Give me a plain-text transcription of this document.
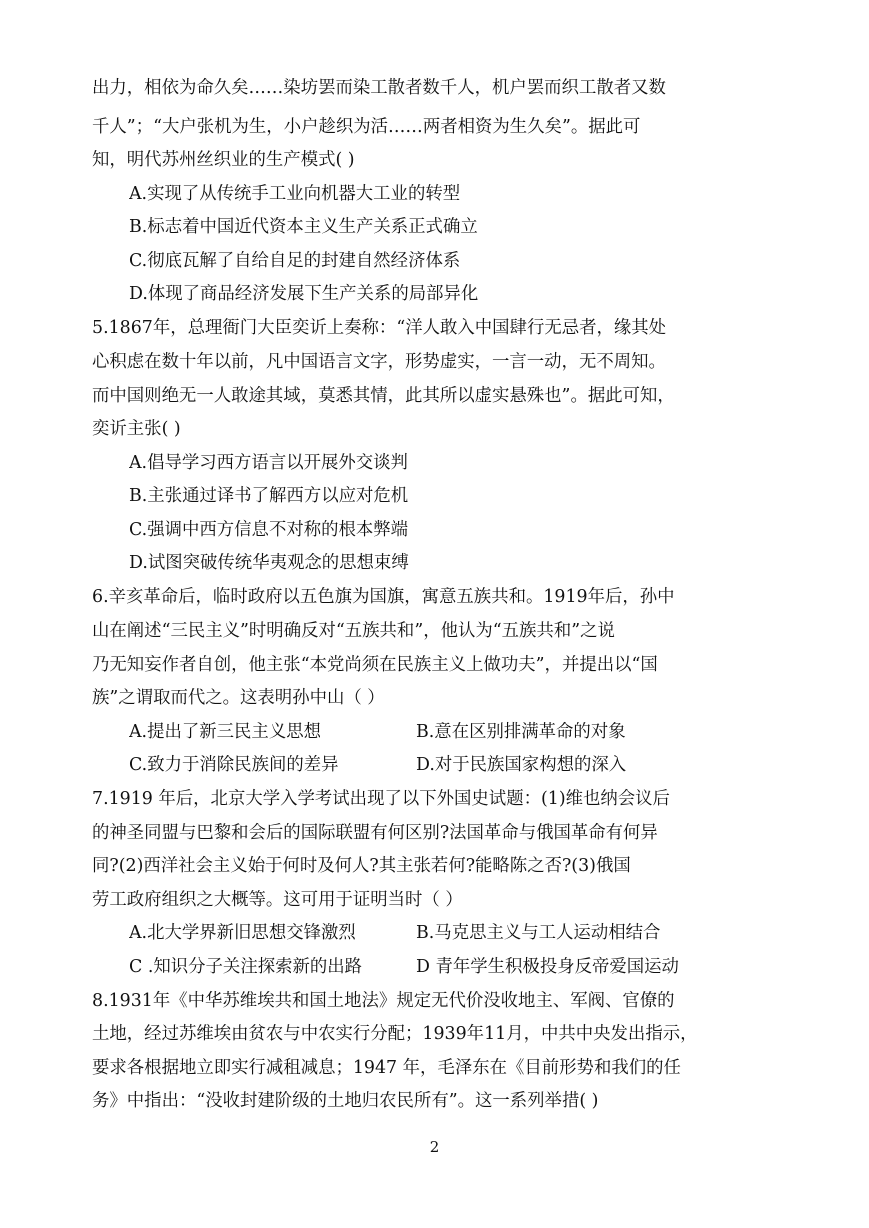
出力，相依为命久矣……染坊罢而染工散者数千人，机户罢而织工散者又数
千人”；“大户张机为生，小户趁织为活……两者相资为生久矣”。据此可
知，明代苏州丝织业的生产模式( )
A.实现了从传统手工业向机器大工业的转型
B.标志着中国近代资本主义生产关系正式确立
C.彻底瓦解了自给自足的封建自然经济体系
D.体现了商品经济发展下生产关系的局部异化
5.1867年，总理衙门大臣奕䜣上奏称：“洋人敢入中国肆行无忌者，缘其处
心积虑在数十年以前，凡中国语言文字，形势虚实，一言一动，无不周知。
而中国则绝无一人敢途其域，莫悉其情，此其所以虚实悬殊也”。据此可知，
奕䜣主张( )
A.倡导学习西方语言以开展外交谈判
B.主张通过译书了解西方以应对危机
C.强调中西方信息不对称的根本弊端
D.试图突破传统华夷观念的思想束缚
6.辛亥革命后，临时政府以五色旗为国旗，寓意五族共和。1919年后，孙中
山在阐述“三民主义”时明确反对“五族共和”，他认为“五族共和”之说
乃无知妄作者自创，他主张“本党尚须在民族主义上做功夫”，并提出以“国
族”之谓取而代之。这表明孙中山（ ）
A.提出了新三民主义思想	B.意在区别排满革命的对象
C.致力于消除民族间的差异	D.对于民族国家构想的深入
7.1919 年后，北京大学入学考试出现了以下外国史试题：(1)维也纳会议后
的神圣同盟与巴黎和会后的国际联盟有何区别?法国革命与俄国革命有何异
同?(2)西洋社会主义始于何时及何人?其主张若何?能略陈之否?(3)俄国
劳工政府组织之大概等。这可用于证明当时（ ）
A.北大学界新旧思想交锋激烈	B.马克思主义与工人运动相结合
C .知识分子关注探索新的出路	D 青年学生积极投身反帝爱国运动
8.1931年《中华苏维埃共和国土地法》规定无代价没收地主、军阀、官僚的
土地，经过苏维埃由贫农与中农实行分配；1939年11月，中共中央发出指示，
要求各根据地立即实行减租减息；1947 年，毛泽东在《目前形势和我们的任
务》中指出：“没收封建阶级的土地归农民所有”。这一系列举措( )
2
